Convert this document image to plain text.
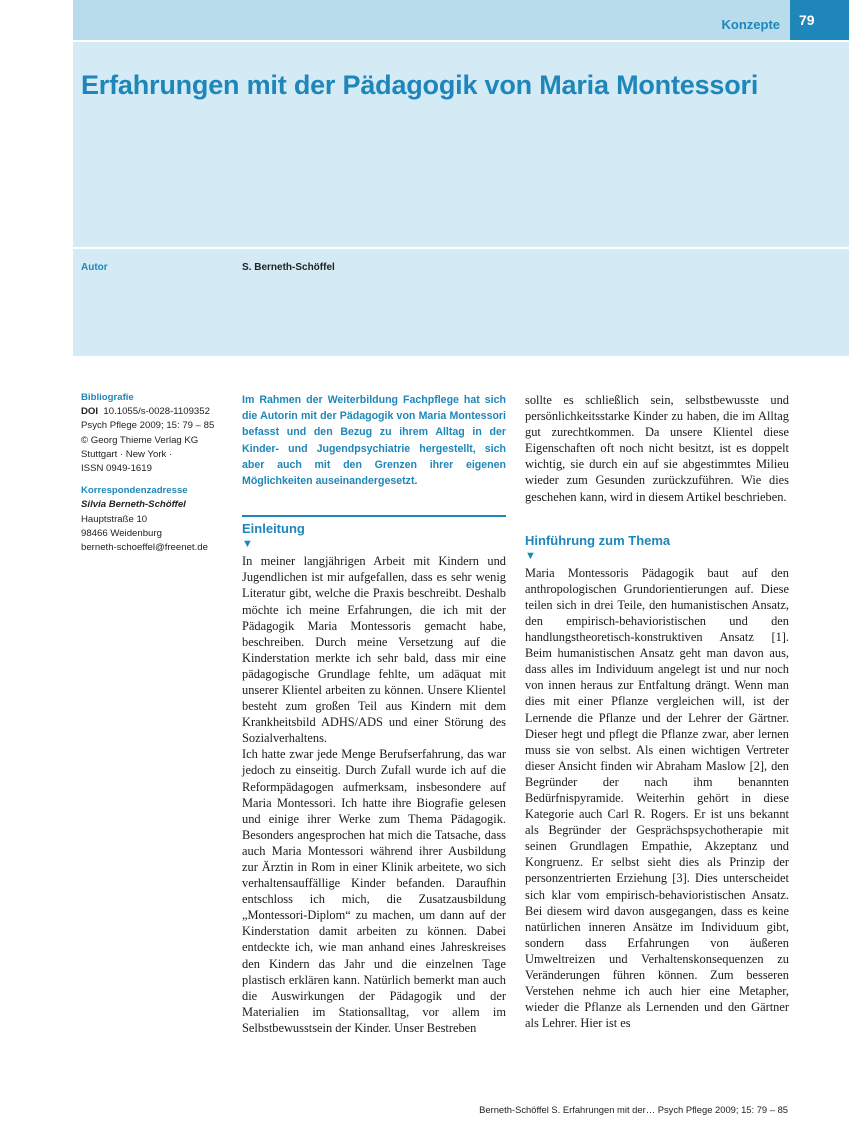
Konzepte	79
Erfahrungen mit der Pädagogik von Maria Montessori
Autor	S. Berneth-Schöffel
Bibliografie
DOI 10.1055/s-0028-1109352
Psych Pflege 2009; 15: 79 – 85
© Georg Thieme Verlag KG
Stuttgart · New York ·
ISSN 0949-1619
Korrespondenzadresse
Silvia Berneth-Schöffel
Hauptstraße 10
98466 Weidenburg
berneth-schoeffel@freenet.de

Im Rahmen der Weiterbildung Fachpflege hat sich die Autorin mit der Pädagogik von Maria Montessori befasst und den Bezug zu ihrem Alltag in der Kinder- und Jugendpsychiatrie hergestellt, sich aber auch mit den Grenzen ihrer eigenen Möglichkeiten auseinandergesetzt.

Einleitung
▼

In meiner langjährigen Arbeit mit Kindern und Jugendlichen ist mir aufgefallen, dass es sehr wenig Literatur gibt, welche die Praxis beschreibt. Deshalb möchte ich meine Erfahrungen, die ich mit der Pädagogik Maria Montessoris gemacht habe, beschreiben. Durch meine Versetzung auf die Kinderstation merkte ich sehr bald, dass mir eine pädagogische Grundlage fehlte, um adäquat mit unserer Klientel arbeiten zu können. Unsere Klientel besteht zum großen Teil aus Kindern mit dem Krankheitsbild ADHS/ADS und einer Störung des Sozialverhaltens.

Ich hatte zwar jede Menge Berufserfahrung, das war jedoch zu einseitig. Durch Zufall wurde ich auf die Reformpädagogen aufmerksam, insbesondere auf Maria Montessori. Ich hatte ihre Biografie gelesen und einige ihrer Werke zum Thema Pädagogik. Besonders angesprochen hat mich die Tatsache, dass auch Maria Montessori während ihrer Ausbildung zur Ärztin in Rom in einer Klinik arbeitete, wo sich verhaltensauffällige Kinder befanden. Daraufhin entschloss ich mich, die Zusatzausbildung „Montessori-Diplom“ zu machen, um dann auf der Kinderstation damit arbeiten zu können. Dabei entdeckte ich, wie man anhand eines Jahreskreises den Kindern das Jahr und die einzelnen Tage plastisch erklären kann. Natürlich bemerkt man auch die Auswirkungen der Pädagogik und der Materialien im Stationsalltag, vor allem im Selbstbewusstsein der Kinder. Unser Bestreben

sollte es schließlich sein, selbstbewusste und persönlichkeitsstarke Kinder zu haben, die im Alltag gut zurechtkommen. Da unsere Klientel diese Eigenschaften oft noch nicht besitzt, ist es doppelt wichtig, sie durch ein auf sie abgestimmtes Milieu wieder zum Gesunden zurückzuführen. Wie dies geschehen kann, wird in diesem Artikel beschrieben.

Hinführung zum Thema
▼

Maria Montessoris Pädagogik baut auf den anthropologischen Grundorientierungen auf. Diese teilen sich in drei Teile, den humanistischen Ansatz, den empirisch-behavioristischen und den handlungstheoretisch-konstruktiven Ansatz [1]. Beim humanistischen Ansatz geht man davon aus, dass alles im Individuum angelegt ist und nur noch von innen heraus zur Entfaltung drängt. Wenn man dies mit einer Pflanze vergleichen will, ist der Lernende die Pflanze und der Lehrer der Gärtner. Dieser hegt und pflegt die Pflanze zwar, aber lernen muss sie von selbst. Als einen wichtigen Vertreter dieser Ansicht finden wir Abraham Maslow [2], den Begründer der nach ihm benannten Bedürfnispyramide. Weiterhin gehört in diese Kategorie auch Carl R. Rogers. Er ist uns bekannt als Begründer der Gesprächspsychotherapie mit seinen Grundlagen Empathie, Akzeptanz und Kongruenz. Er selbst sieht dies als Prinzip der personzentrierten Erziehung [3]. Dies unterscheidet sich klar vom empirisch-behavioristischen Ansatz. Bei diesem wird davon ausgegangen, dass es keine natürlichen inneren Ansätze im Individuum gibt, sondern dass Erfahrungen von äußeren Umweltreizen und Verhaltenskonsequenzen zu Veränderungen führen können. Zum besseren Verstehen nehme ich auch hier eine Metapher, wieder die Pflanze als Lernenden und den Gärtner als Lehrer. Hier ist es

Berneth-Schöffel S. Erfahrungen mit der… Psych Pflege 2009; 15: 79 – 85
